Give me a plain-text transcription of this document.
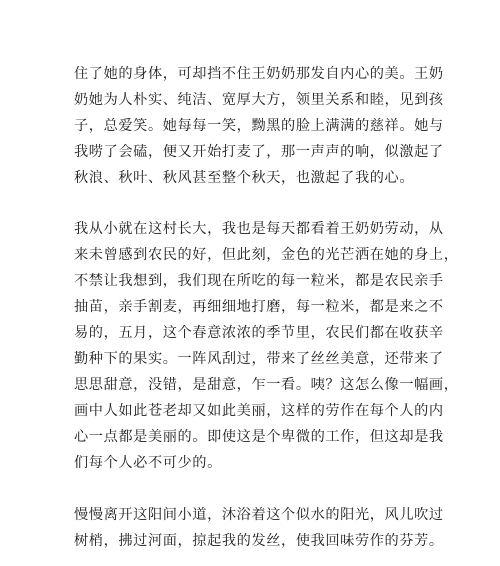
住了她的身体，可却挡不住王奶奶那发自内心的美。王奶
奶她为人朴实、纯洁、宽厚大方，领里关系和睦，见到孩
子，总爱笑。她每每一笑，黝黑的脸上满满的慈祥。她与
我唠了会磕，便又开始打麦了，那一声声的响，似激起了
秋浪、秋叶、秋风甚至整个秋天，也激起了我的心。
我从小就在这村长大，我也是每天都看着王奶奶劳动，从
来未曾感到农民的好，但此刻，金色的光芒洒在她的身上，
不禁让我想到，我们现在所吃的每一粒米，都是农民亲手
抽苗，亲手割麦，再细细地打磨，每一粒米，都是来之不
易的，五月，这个春意浓浓的季节里，农民们都在收获辛
勤种下的果实。一阵风刮过，带来了丝丝美意，还带来了
思思甜意，没错，是甜意，乍一看。咦？这怎么像一幅画，
画中人如此苍老却又如此美丽，这样的劳作在每个人的内
心一点都是美丽的。即使这是个卑微的工作，但这却是我
们每个人必不可少的。
慢慢离开这阳间小道，沐浴着这个似水的阳光，风儿吹过
树梢，拂过河面，掠起我的发丝，使我回味劳作的芬芳。
